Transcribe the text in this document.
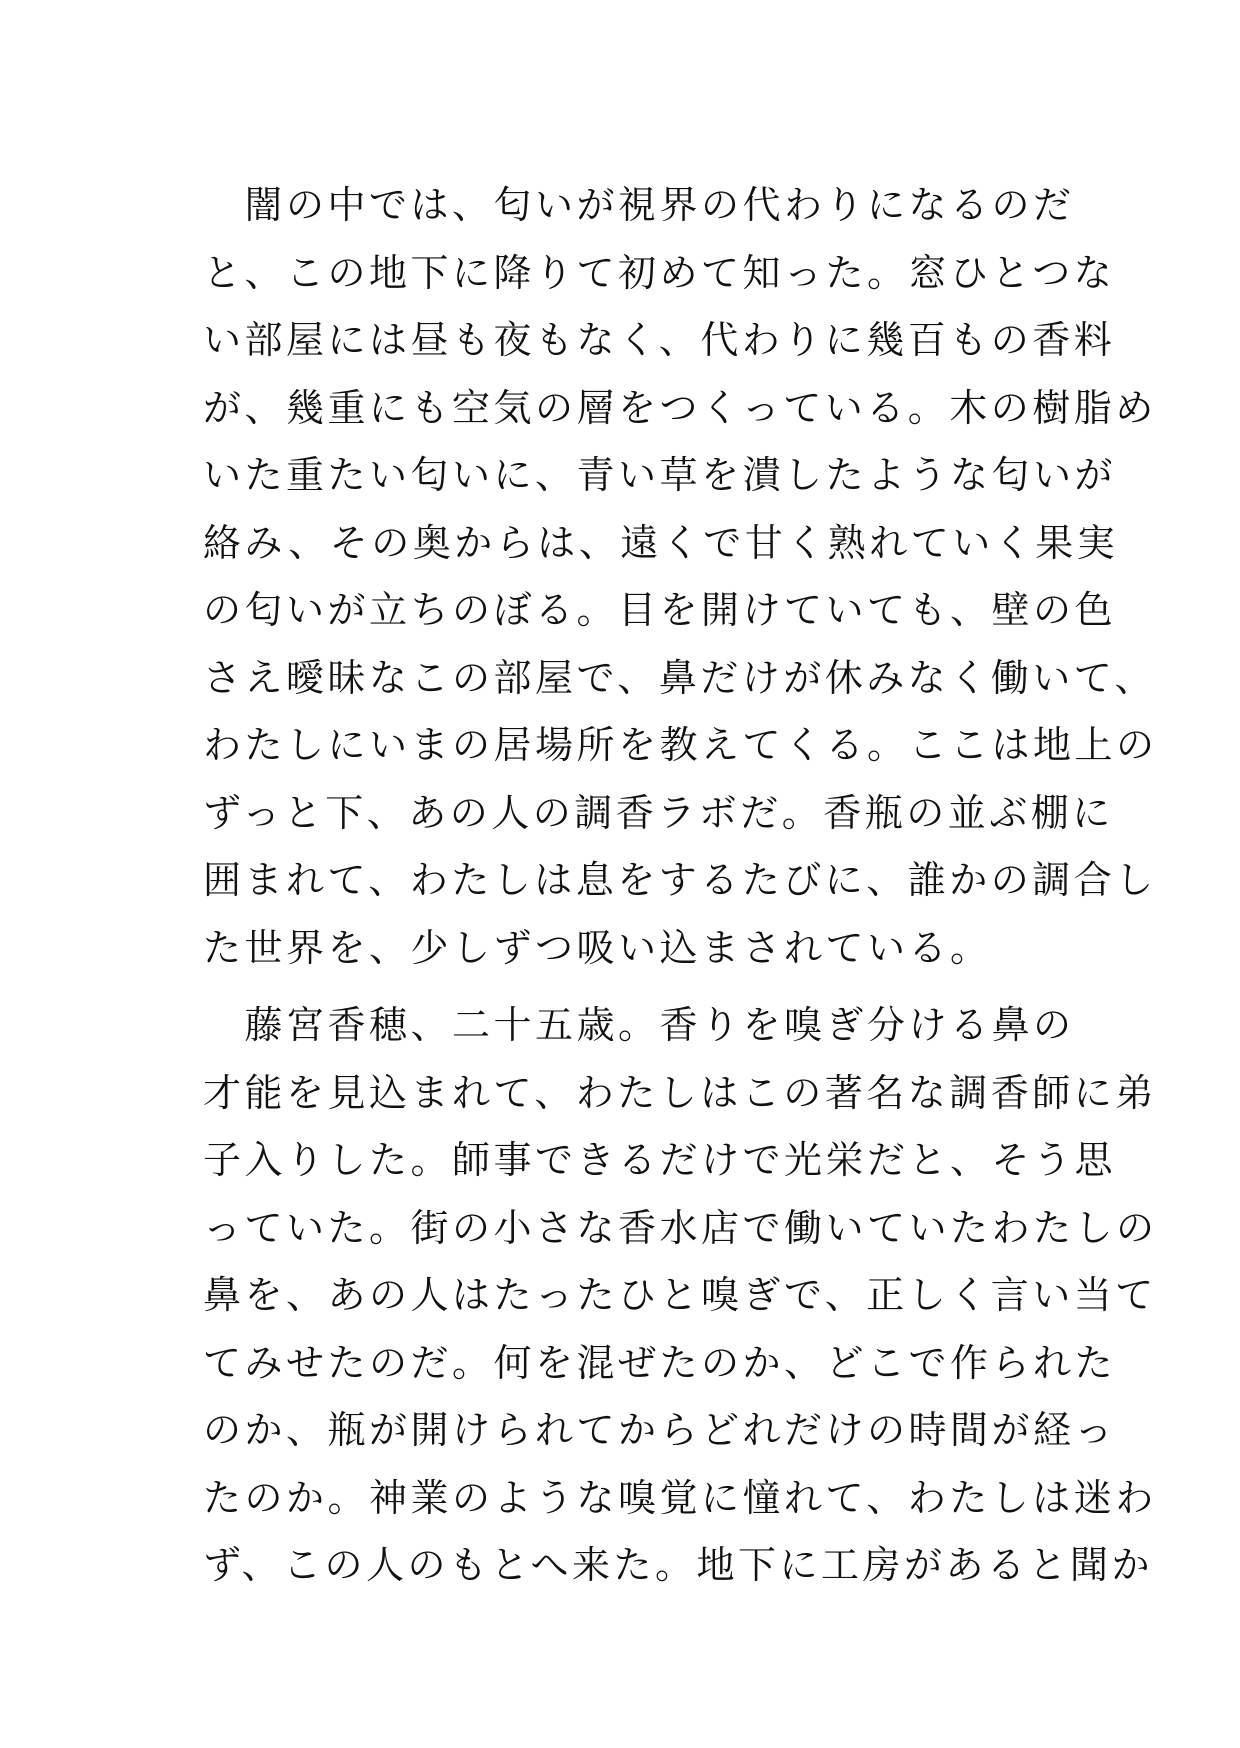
　闇の中では、匂いが視界の代わりになるのだ
と、この地下に降りて初めて知った。窓ひとつな
い部屋には昼も夜もなく、代わりに幾百もの香料
が、幾重にも空気の層をつくっている。木の樹脂め
いた重たい匂いに、青い草を潰したような匂いが
絡み、その奥からは、遠くで甘く熟れていく果実
の匂いが立ちのぼる。目を開けていても、壁の色
さえ曖昧なこの部屋で、鼻だけが休みなく働いて、
わたしにいまの居場所を教えてくる。ここは地上の
ずっと下、あの人の調香ラボだ。香瓶の並ぶ棚に
囲まれて、わたしは息をするたびに、誰かの調合し
た世界を、少しずつ吸い込まされている。
　藤宮香穂、二十五歳。香りを嗅ぎ分ける鼻の
才能を見込まれて、わたしはこの著名な調香師に弟
子入りした。師事できるだけで光栄だと、そう思
っていた。街の小さな香水店で働いていたわたしの
鼻を、あの人はたったひと嗅ぎで、正しく言い当て
てみせたのだ。何を混ぜたのか、どこで作られた
のか、瓶が開けられてからどれだけの時間が経っ
たのか。神業のような嗅覚に憧れて、わたしは迷わ
ず、この人のもとへ来た。地下に工房があると聞か
